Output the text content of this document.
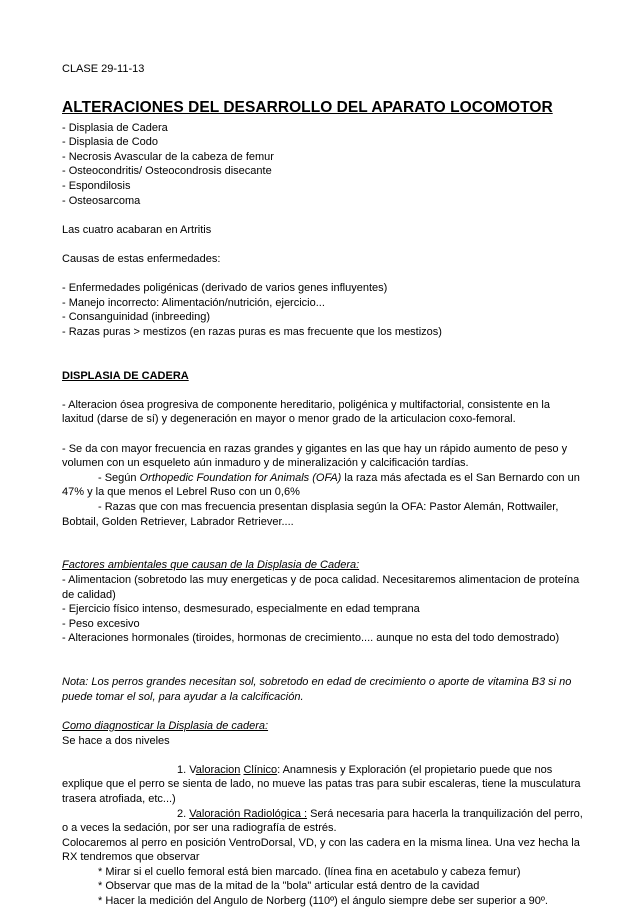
CLASE 29-11-13

ALTERACIONES DEL DESARROLLO DEL APARATO LOCOMOTOR

- Displasia de Cadera

- Displasia de Codo

- Necrosis Avascular de la cabeza de femur

- Osteocondritis/ Osteocondrosis disecante

- Espondilosis

- Osteosarcoma

Las cuatro acabaran en Artritis

Causas de estas enfermedades:

- Enfermedades poligénicas (derivado de varios genes influyentes)

- Manejo incorrecto: Alimentación/nutrición, ejercicio...

- Consanguinidad (inbreeding)

- Razas puras > mestizos (en razas puras es mas frecuente que los mestizos)

DISPLASIA DE CADERA

- Alteracion ósea progresiva de componente hereditario, poligénica y multifactorial, consistente en la laxitud (darse de sí) y degeneración en mayor o menor grado de la articulacion coxo-femoral.

- Se da con mayor frecuencia en razas grandes y gigantes en las que hay un rápido aumento de peso y volumen con un esqueleto aún inmaduro y de mineralización y calcificación tardías.

- Según Orthopedic Foundation for Animals (OFA) la raza más afectada es el San Bernardo con un 47% y la que menos el Lebrel Ruso con un 0,6%

- Razas que con mas frecuencia presentan displasia según la OFA: Pastor Alemán, Rottwailer, Bobtail, Golden Retriever, Labrador Retriever....

Factores ambientales que causan de la Displasia de Cadera:

- Alimentacion (sobretodo las muy energeticas y de poca calidad. Necesitaremos alimentacion de proteína de calidad)

- Ejercicio físico intenso, desmesurado, especialmente en edad temprana

- Peso excesivo

- Alteraciones hormonales (tiroides, hormonas de crecimiento.... aunque no esta del todo demostrado)

Nota: Los perros grandes necesitan sol, sobretodo en edad de crecimiento o aporte de vitamina B3 si no puede tomar el sol, para ayudar a la calcificación.

Como diagnosticar la Displasia de cadera:

Se hace a dos niveles

1. Valoracion Clínico: Anamnesis y Exploración (el propietario puede que nos

explique que el perro se sienta de lado, no mueve las patas tras para subir escaleras, tiene la musculatura trasera atrofiada, etc...)

2. Valoración Radiológica : Será necesaria para hacerla la tranquilización del perro,

o a veces la sedación, por ser una radiografía de estrés.

Colocaremos al perro en posición VentroDorsal, VD, y con las cadera en la misma linea. Una vez hecha la RX tendremos que observar

* Mirar si el cuello femoral está bien marcado. (línea fina en acetabulo y cabeza femur)

* Observar que mas de la mitad de la "bola" articular está dentro de la cavidad

* Hacer la medición del Angulo de Norberg (110º) el ángulo siempre debe ser superior a 90º.
